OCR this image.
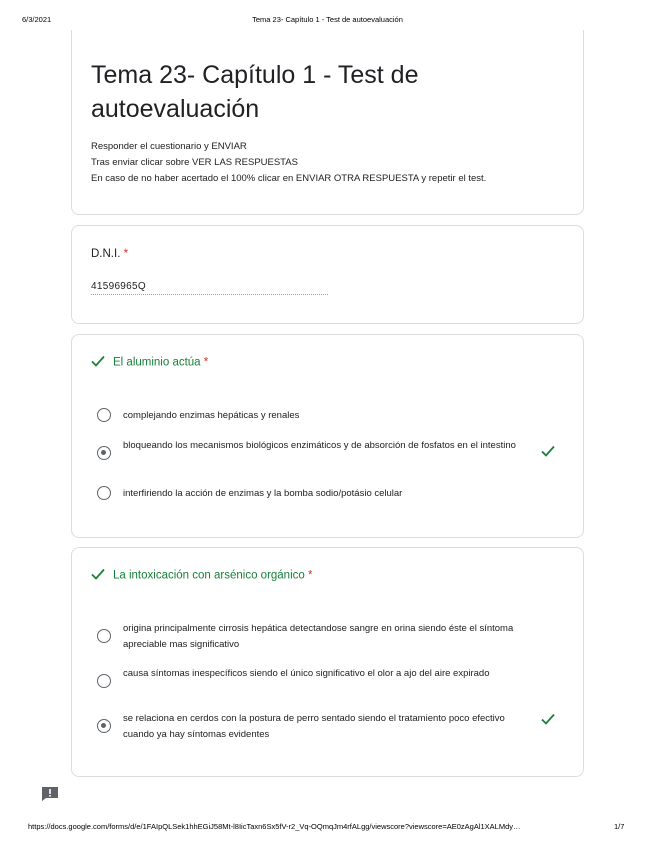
6/3/2021	Tema 23- Capítulo 1 - Test de autoevaluación
Tema 23- Capítulo 1 - Test de autoevaluación
Responder el cuestionario y ENVIAR
Tras enviar clicar sobre VER LAS RESPUESTAS
En caso de no haber acertado el 100% clicar en ENVIAR OTRA RESPUESTA y repetir el test.
D.N.I. *
41596965Q
El aluminio actúa *
complejando enzimas hepáticas y renales
bloqueando los mecanismos biológicos enzimáticos y de absorción de fosfatos en el intestino
interfiriendo la acción de enzimas y la bomba sodio/potásio celular
La intoxicación con arsénico orgánico *
origina principalmente cirrosis hepática detectandose sangre en orina siendo éste el síntoma apreciable mas significativo
causa síntomas inespecíficos siendo el único significativo el olor a ajo del aire expirado
se relaciona en cerdos con la postura de perro sentado siendo el tratamiento poco efectivo cuando ya hay síntomas evidentes
https://docs.google.com/forms/d/e/1FAIpQLSek1hhEGiJ58Mt-l8IicTaxn6Sx5fV-r2_Vq-OQmqJm4rfALgg/viewscore?viewscore=AE0zAgAl1XALMdy…	1/7
